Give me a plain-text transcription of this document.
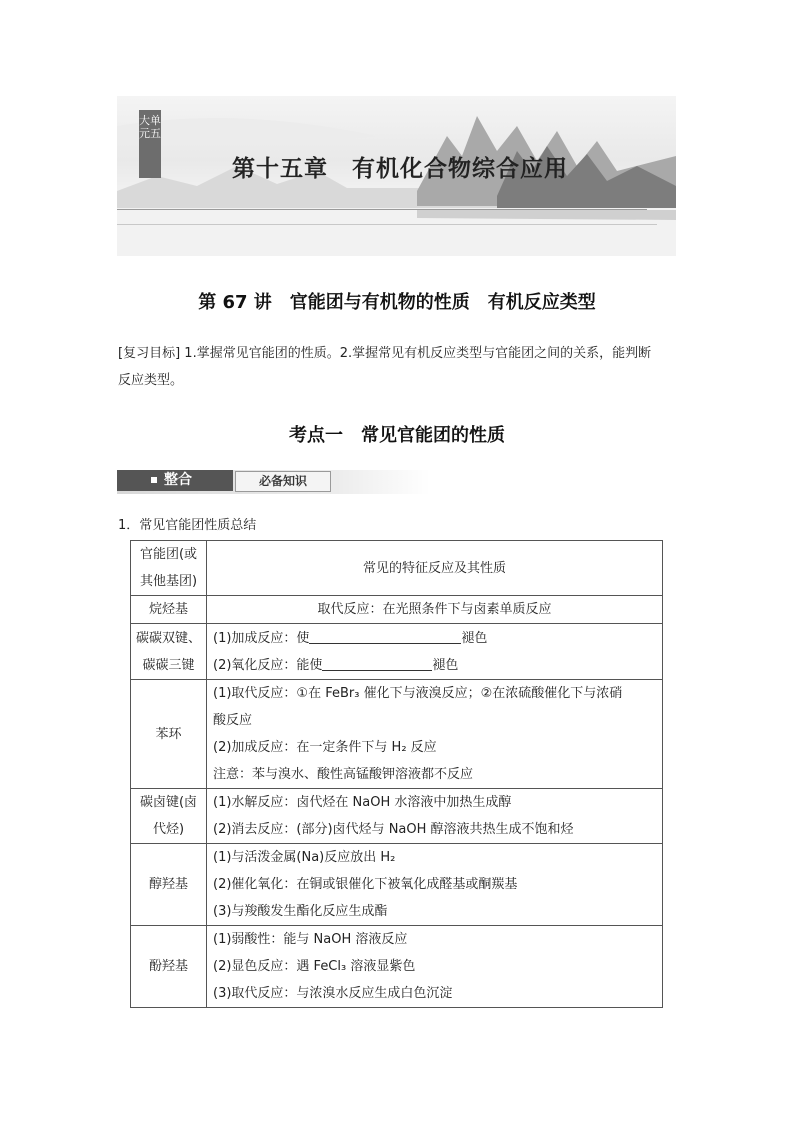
大单元五
第十五章　有机化合物综合应用
第 67 讲　官能团与有机物的性质　有机反应类型
[复习目标] 1.掌握常见官能团的性质。2.掌握常见有机反应类型与官能团之间的关系，能判断反应类型。
考点一　常见官能团的性质
整合	必备知识
1．常见官能团性质总结
官能团(或
其他基团)	常见的特征反应及其性质
烷烃基	取代反应：在光照条件下与卤素单质反应

碳碳双键、
碳碳三键	(1)加成反应：使 褪色
(2)氧化反应：能使 褪色

苯环	(1)取代反应：①在 FeBr₃ 催化下与液溴反应；②在浓硫酸催化下与浓硝
酸反应
(2)加成反应：在一定条件下与 H₂ 反应
注意：苯与溴水、酸性高锰酸钾溶液都不反应

碳卤键(卤
代烃)	(1)水解反应：卤代烃在 NaOH 水溶液中加热生成醇
(2)消去反应：(部分)卤代烃与 NaOH 醇溶液共热生成不饱和烃

醇羟基	(1)与活泼金属(Na)反应放出 H₂
(2)催化氧化：在铜或银催化下被氧化成醛基或酮羰基
(3)与羧酸发生酯化反应生成酯

酚羟基	(1)弱酸性：能与 NaOH 溶液反应
(2)显色反应：遇 FeCl₃ 溶液显紫色
(3)取代反应：与浓溴水反应生成白色沉淀
